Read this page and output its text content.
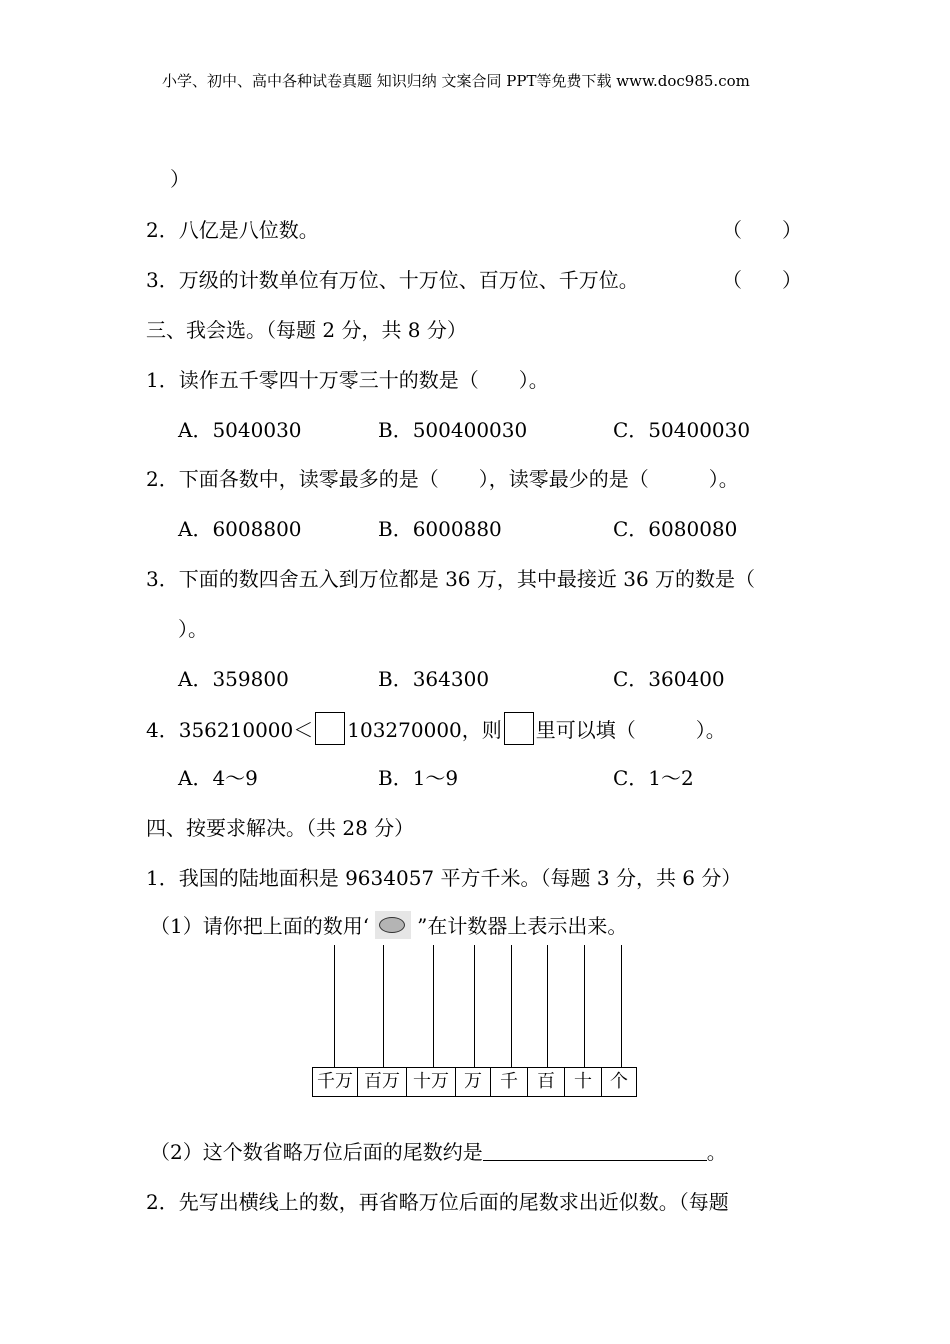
小学、初中、高中各种试卷真题 知识归纳 文案合同 PPT等免费下载 www.doc985.com
）
2．八亿是八位数。	（　　）
3．万级的计数单位有万位、十万位、百万位、千万位。	（　　）
三、我会选。（每题 2 分，共 8 分）
1．读作五千零四十万零三十的数是（　　）。
A．5040030	B．500400030	C．50400030
2．下面各数中，读零最多的是（　　），读零最少的是（　　　）。
A．6008800	B．6000880	C．6080080
3．下面的数四舍五入到万位都是 36 万，其中最接近 36 万的数是（
）。
A．359800	B．364300	C．360400
4．356210000＜ 103270000，则 里可以填（　　　）。
A．4～9	B．1～9	C．1～2
四、按要求解决。（共 28 分）
1．我国的陆地面积是 9634057 平方千米。（每题 3 分，共 6 分）
（1）请你把上面的数用‘ ”在计数器上表示出来。
千万	百万	十万	万	千	百	十	个
（2）这个数省略万位后面的尾数约是	。
2．先写出横线上的数，再省略万位后面的尾数求出近似数。（每题
